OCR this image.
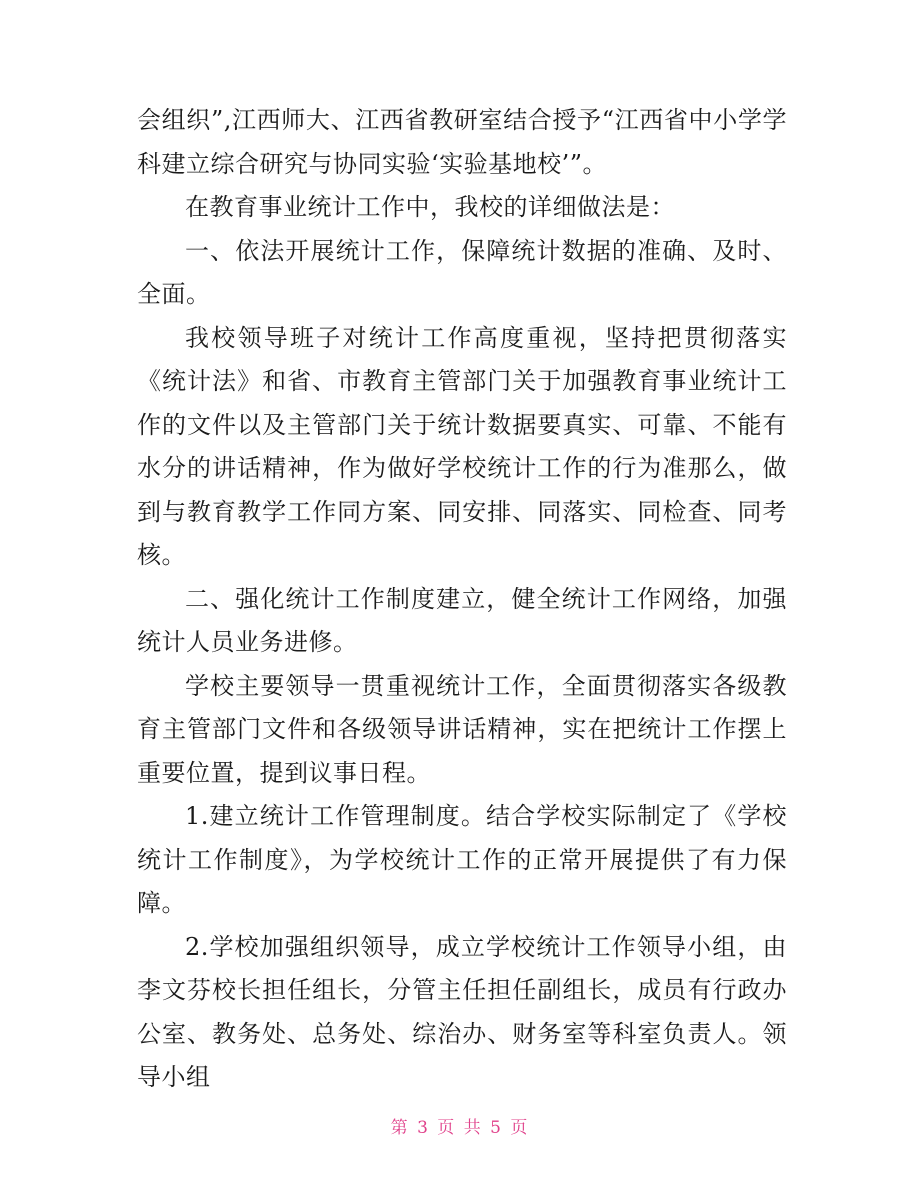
会组织”,江西师大、江西省教研室结合授予“江西省中小学学科建立综合研究与协同实验‘实验基地校’”。

在教育事业统计工作中，我校的详细做法是：

一、依法开展统计工作，保障统计数据的准确、及时、全面。

我校领导班子对统计工作高度重视，坚持把贯彻落实《统计法》和省、市教育主管部门关于加强教育事业统计工作的文件以及主管部门关于统计数据要真实、可靠、不能有水分的讲话精神，作为做好学校统计工作的行为准那么，做到与教育教学工作同方案、同安排、同落实、同检查、同考核。

二、强化统计工作制度建立，健全统计工作网络，加强统计人员业务进修。

学校主要领导一贯重视统计工作，全面贯彻落实各级教育主管部门文件和各级领导讲话精神，实在把统计工作摆上重要位置，提到议事日程。

1.建立统计工作管理制度。结合学校实际制定了《学校统计工作制度》，为学校统计工作的正常开展提供了有力保障。

2.学校加强组织领导，成立学校统计工作领导小组，由李文芬校长担任组长，分管主任担任副组长，成员有行政办公室、教务处、总务处、综治办、财务室等科室负责人。领导小组

第 3 页 共 5 页
